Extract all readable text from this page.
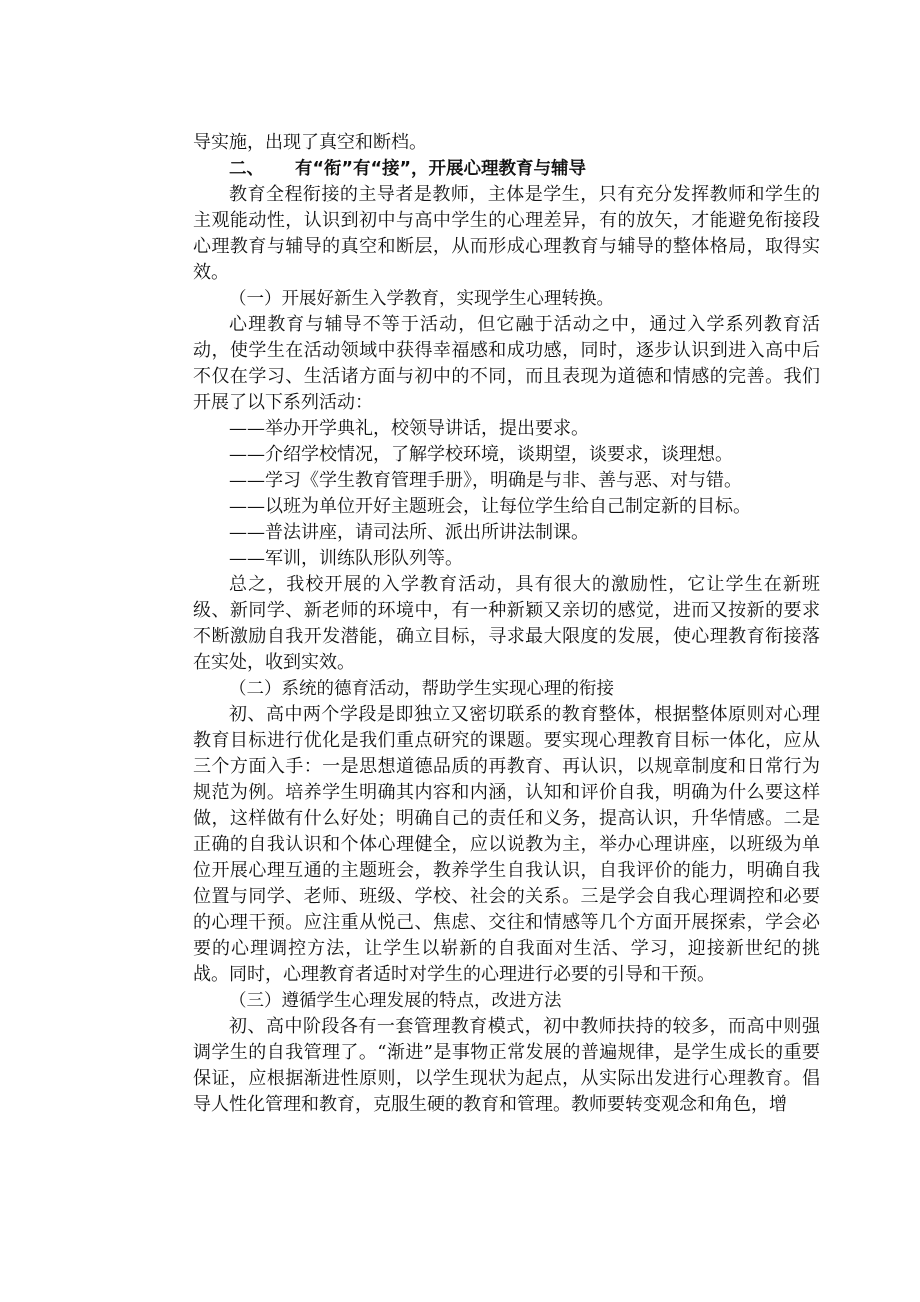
导实施，出现了真空和断档。

二、 有“衔”有“接”，开展心理教育与辅导

教育全程衔接的主导者是教师，主体是学生，只有充分发挥教师和学生的主观能动性，认识到初中与高中学生的心理差异，有的放矢，才能避免衔接段心理教育与辅导的真空和断层，从而形成心理教育与辅导的整体格局，取得实效。

（一）开展好新生入学教育，实现学生心理转换。

心理教育与辅导不等于活动，但它融于活动之中，通过入学系列教育活动，使学生在活动领域中获得幸福感和成功感，同时，逐步认识到进入高中后不仅在学习、生活诸方面与初中的不同，而且表现为道德和情感的完善。我们开展了以下系列活动：

——举办开学典礼，校领导讲话，提出要求。

——介绍学校情况，了解学校环境，谈期望，谈要求，谈理想。

——学习《学生教育管理手册》，明确是与非、善与恶、对与错。

——以班为单位开好主题班会，让每位学生给自己制定新的目标。

——普法讲座，请司法所、派出所讲法制课。

——军训，训练队形队列等。

总之，我校开展的入学教育活动，具有很大的激励性，它让学生在新班级、新同学、新老师的环境中，有一种新颖又亲切的感觉，进而又按新的要求不断激励自我开发潜能，确立目标，寻求最大限度的发展，使心理教育衔接落在实处，收到实效。

（二）系统的德育活动，帮助学生实现心理的衔接

初、高中两个学段是即独立又密切联系的教育整体，根据整体原则对心理教育目标进行优化是我们重点研究的课题。要实现心理教育目标一体化，应从三个方面入手：一是思想道德品质的再教育、再认识，以规章制度和日常行为规范为例。培养学生明确其内容和内涵，认知和评价自我，明确为什么要这样做，这样做有什么好处；明确自己的责任和义务，提高认识，升华情感。二是正确的自我认识和个体心理健全，应以说教为主，举办心理讲座，以班级为单位开展心理互通的主题班会，教养学生自我认识，自我评价的能力，明确自我位置与同学、老师、班级、学校、社会的关系。三是学会自我心理调控和必要的心理干预。应注重从悦己、焦虑、交往和情感等几个方面开展探索，学会必要的心理调控方法，让学生以崭新的自我面对生活、学习，迎接新世纪的挑战。同时，心理教育者适时对学生的心理进行必要的引导和干预。

（三）遵循学生心理发展的特点，改进方法

初、高中阶段各有一套管理教育模式，初中教师扶持的较多，而高中则强调学生的自我管理了。“渐进”是事物正常发展的普遍规律，是学生成长的重要保证，应根据渐进性原则，以学生现状为起点，从实际出发进行心理教育。倡导人性化管理和教育，克服生硬的教育和管理。教师要转变观念和角色，增
